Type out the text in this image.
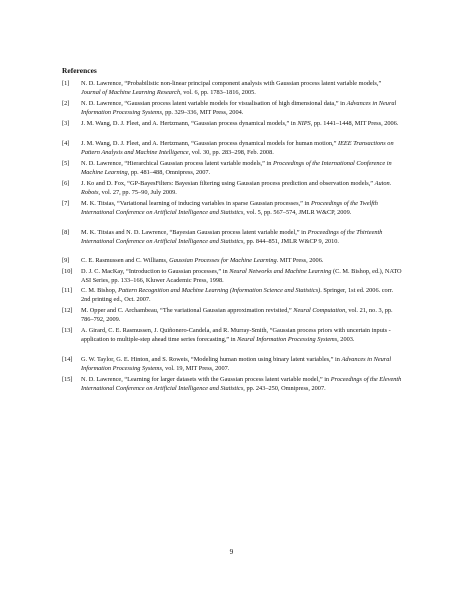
References
[1]	N. D. Lawrence, “Probabilistic non-linear principal component analysis with Gaussian process latent variable models,” Journal of Machine Learning Research, vol. 6, pp. 1783–1816, 2005.
[2]	N. D. Lawrence, “Gaussian process latent variable models for visualisation of high dimensional data,” in Advances in Neural Information Processing Systems, pp. 329–336, MIT Press, 2004.
[3]	J. M. Wang, D. J. Fleet, and A. Hertzmann, “Gaussian process dynamical models,” in NIPS, pp. 1441–1448, MIT Press, 2006.
[4]	J. M. Wang, D. J. Fleet, and A. Hertzmann, “Gaussian process dynamical models for human motion,” IEEE Transactions on Pattern Analysis and Machine Intelligence, vol. 30, pp. 283–298, Feb. 2008.
[5]	N. D. Lawrence, “Hierarchical Gaussian process latent variable models,” in Proceedings of the International Conference in Machine Learning, pp. 481–488, Omnipress, 2007.
[6]	J. Ko and D. Fox, “GP-BayesFilters: Bayesian filtering using Gaussian process prediction and observation models,” Auton. Robots, vol. 27, pp. 75–90, July 2009.
[7]	M. K. Titsias, “Variational learning of inducing variables in sparse Gaussian processes,” in Proceedings of the Twelfth International Conference on Artificial Intelligence and Statistics, vol. 5, pp. 567–574, JMLR W&CP, 2009.
[8]	M. K. Titsias and N. D. Lawrence, “Bayesian Gaussian process latent variable model,” in Proceedings of the Thirteenth International Conference on Artificial Intelligence and Statistics, pp. 844–851, JMLR W&CP 9, 2010.
[9]	C. E. Rasmussen and C. Williams, Gaussian Processes for Machine Learning. MIT Press, 2006.
[10]	D. J. C. MacKay, “Introduction to Gaussian processes,” in Neural Networks and Machine Learning (C. M. Bishop, ed.), NATO ASI Series, pp. 133–166, Kluwer Academic Press, 1998.
[11]	C. M. Bishop, Pattern Recognition and Machine Learning (Information Science and Statistics). Springer, 1st ed. 2006. corr. 2nd printing ed., Oct. 2007.
[12]	M. Opper and C. Archambeau, “The variational Gaussian approximation revisited,” Neural Computation, vol. 21, no. 3, pp. 786–792, 2009.
[13]	A. Girard, C. E. Rasmussen, J. Quiñonero-Candela, and R. Murray-Smith, “Gaussian process priors with uncertain inputs - application to multiple-step ahead time series forecasting,” in Neural Information Processing Systems, 2003.
[14]	G. W. Taylor, G. E. Hinton, and S. Roweis, “Modeling human motion using binary latent variables,” in Advances in Neural Information Processing Systems, vol. 19, MIT Press, 2007.
[15]	N. D. Lawrence, “Learning for larger datasets with the Gaussian process latent variable model,” in Proceedings of the Eleventh International Conference on Artificial Intelligence and Statistics, pp. 243–250, Omnipress, 2007.
9
